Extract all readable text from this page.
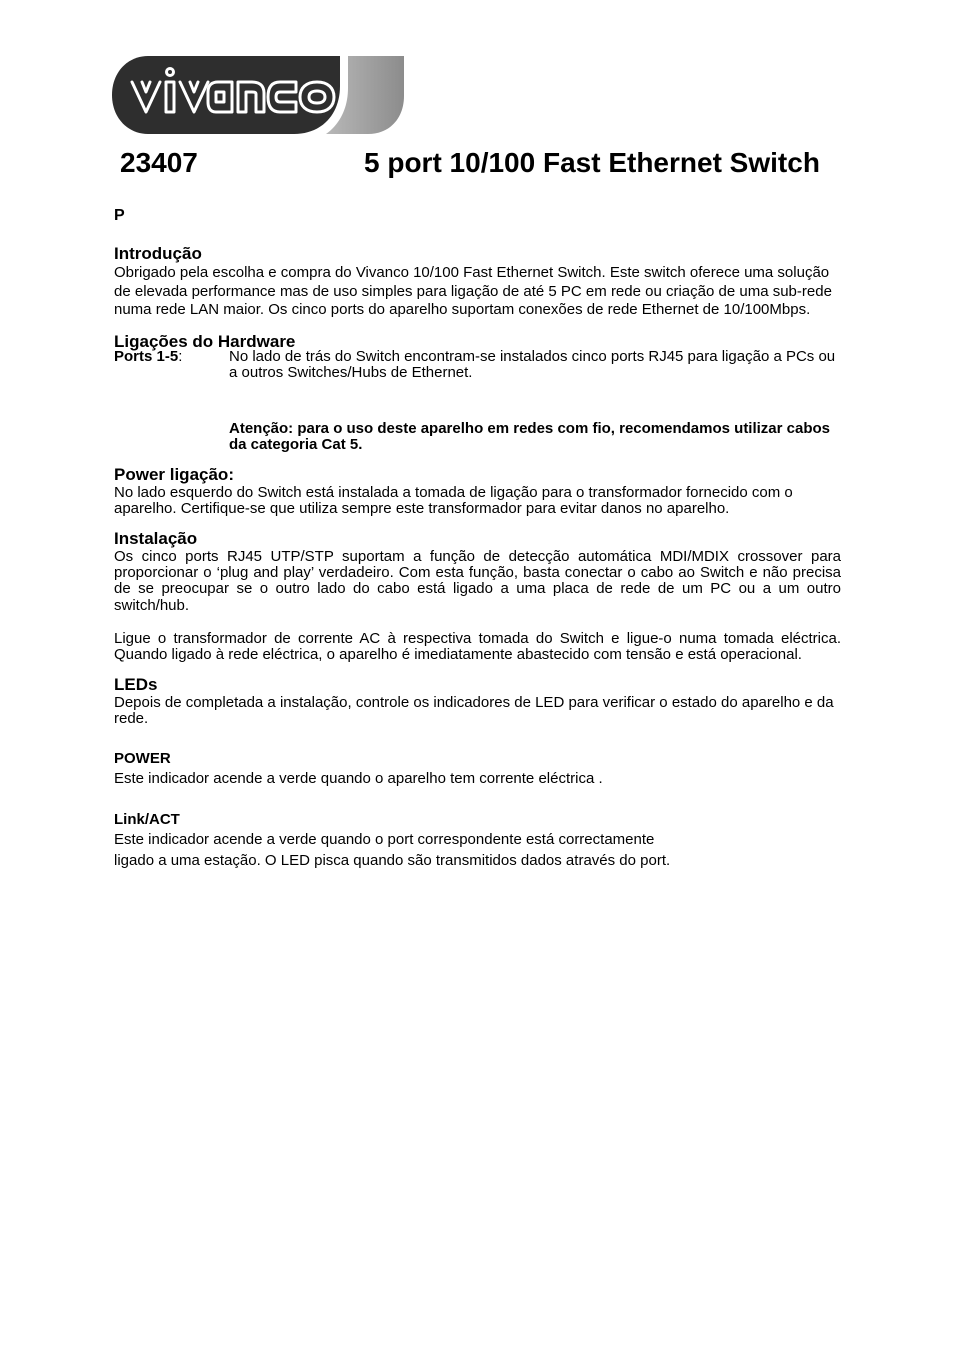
23407	5 port 10/100 Fast Ethernet Switch
P
Introdução

Obrigado pela escolha e compra do Vivanco 10/100 Fast Ethernet Switch. Este switch oferece uma solução de elevada performance mas de uso simples para ligação de até 5 PC em rede ou criação de uma sub-rede numa rede LAN maior. Os cinco ports do aparelho suportam conexões de rede Ethernet de 10/100Mbps.

Ligações do Hardware
Ports 1-5:	No lado de trás do Switch encontram-se instalados cinco ports RJ45 para ligação a PCs ou a outros Switches/Hubs de Ethernet.

Atenção: para o uso deste aparelho em redes com fio, recomendamos utilizar cabos da categoria Cat 5.

Power ligação:

No lado esquerdo do Switch está instalada a tomada de ligação para o transformador fornecido com o aparelho. Certifique-se que utiliza sempre este transformador para evitar danos no aparelho.

Instalação

Os cinco ports RJ45 UTP/STP suportam a função de detecção automática MDI/MDIX crossover para proporcionar o ‘plug and play’ verdadeiro. Com esta função, basta conectar o cabo ao Switch e não precisa de se preocupar se o outro lado do cabo está ligado a uma placa de rede de um PC ou a um outro switch/hub.

Ligue o transformador de corrente AC à respectiva tomada do Switch e ligue-o numa tomada eléctrica. Quando ligado à rede eléctrica, o aparelho é imediatamente abastecido com tensão e está operacional.

LEDs

Depois de completada a instalação, controle os indicadores de LED para verificar o estado do aparelho e da rede.

POWER

Este indicador acende a verde quando o aparelho tem corrente eléctrica .

Link/ACT

Este indicador acende a verde quando o port correspondente está correctamente

ligado a uma estação. O LED pisca quando são transmitidos dados através do port.
